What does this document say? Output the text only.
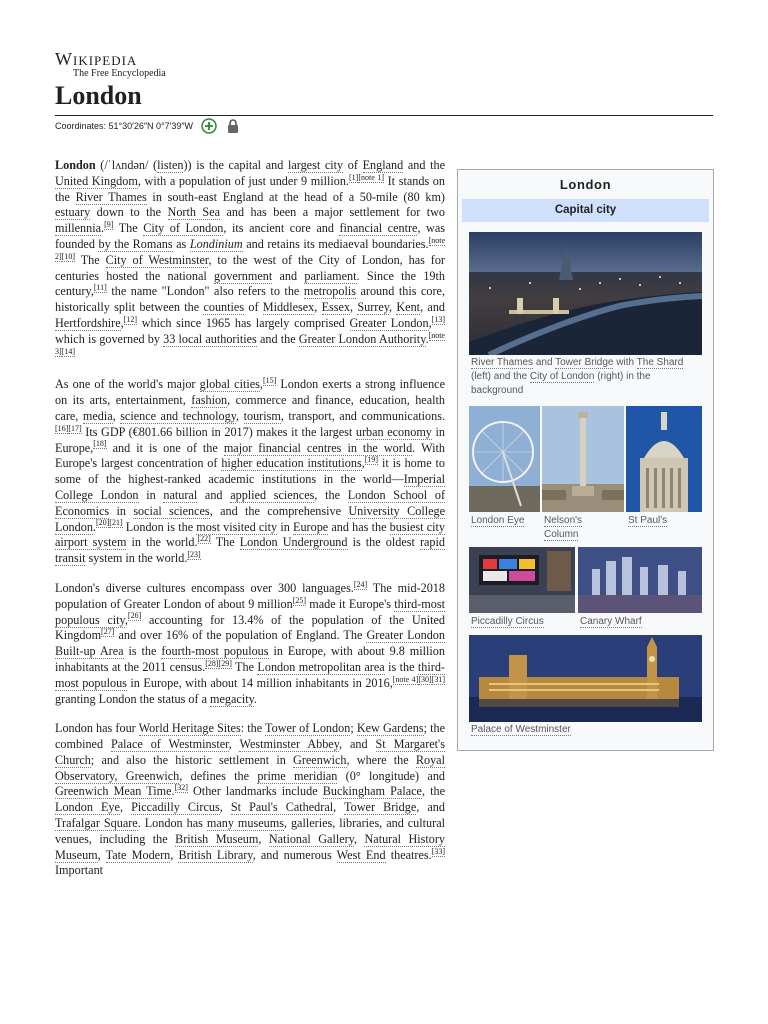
Wikipedia
The Free Encyclopedia
London
Coordinates: 51°30′26″N 0°7′39″W

London (/ˈlʌndən/ (listen)) is the capital and largest city of England and the United Kingdom, with a population of just under 9 million.[1][note 1] It stands on the River Thames in south-east England at the head of a 50-mile (80 km) estuary down to the North Sea and has been a major settlement for two millennia.[9] The City of London, its ancient core and financial centre, was founded by the Romans as Londinium and retains its mediaeval boundaries.[note 2][10] The City of Westminster, to the west of the City of London, has for centuries hosted the national government and parliament. Since the 19th century,[11] the name "London" also refers to the metropolis around this core, historically split between the counties of Middlesex, Essex, Surrey, Kent, and Hertfordshire,[12] which since 1965 has largely comprised Greater London,[13] which is governed by 33 local authorities and the Greater London Authority.[note 3][14]

As one of the world's major global cities,[15] London exerts a strong influence on its arts, entertainment, fashion, commerce and finance, education, health care, media, science and technology, tourism, transport, and communications.[16][17] Its GDP (€801.66 billion in 2017) makes it the largest urban economy in Europe,[18] and it is one of the major financial centres in the world. With Europe's largest concentration of higher education institutions,[19] it is home to some of the highest-ranked academic institutions in the world—Imperial College London in natural and applied sciences, the London School of Economics in social sciences, and the comprehensive University College London.[20][21] London is the most visited city in Europe and has the busiest city airport system in the world.[22] The London Underground is the oldest rapid transit system in the world.[23]

London's diverse cultures encompass over 300 languages.[24] The mid-2018 population of Greater London of about 9 million[25] made it Europe's third-most populous city,[26] accounting for 13.4% of the population of the United Kingdom[27] and over 16% of the population of England. The Greater London Built-up Area is the fourth-most populous in Europe, with about 9.8 million inhabitants at the 2011 census.[28][29] The London metropolitan area is the third-most populous in Europe, with about 14 million inhabitants in 2016,[note 4][30][31] granting London the status of a megacity.

London has four World Heritage Sites: the Tower of London; Kew Gardens; the combined Palace of Westminster, Westminster Abbey, and St Margaret's Church; and also the historic settlement in Greenwich, where the Royal Observatory, Greenwich, defines the prime meridian (0° longitude) and Greenwich Mean Time.[32] Other landmarks include Buckingham Palace, the London Eye, Piccadilly Circus, St Paul's Cathedral, Tower Bridge, and Trafalgar Square. London has many museums, galleries, libraries, and cultural venues, including the British Museum, National Gallery, Natural History Museum, Tate Modern, British Library, and numerous West End theatres.[33] Important

London
Capital city
River Thames and Tower Bridge with The Shard (left) and the City of London (right) in the background
London Eye Nelson's Column
St Paul's
Piccadilly Circus	Canary Wharf
Palace of Westminster
